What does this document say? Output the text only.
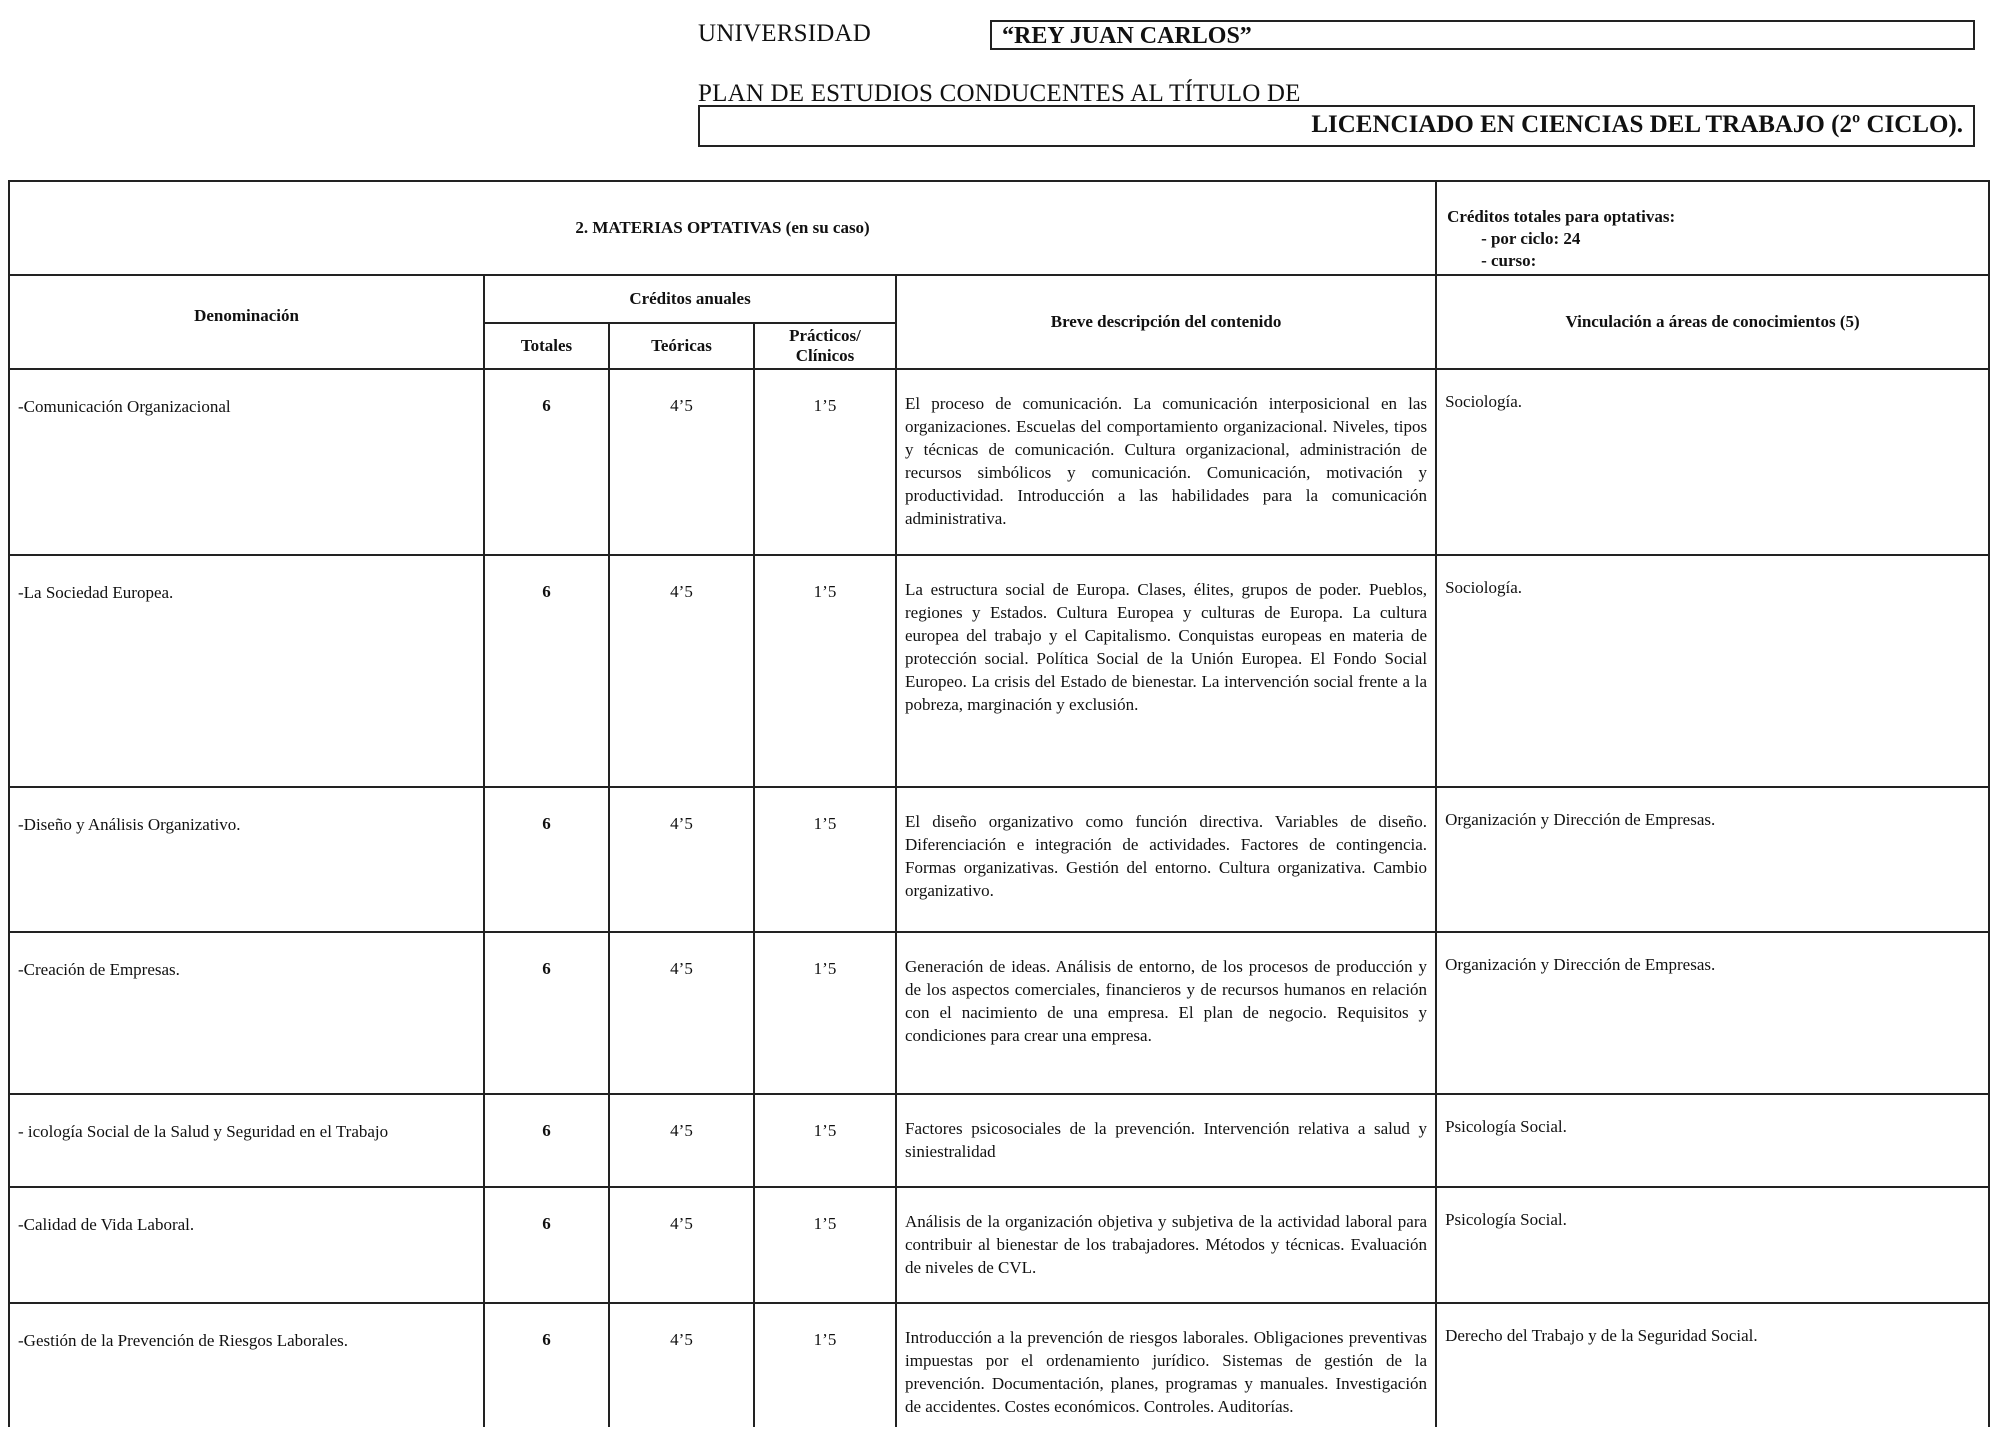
UNIVERSIDAD	“REY JUAN CARLOS”
PLAN DE ESTUDIOS CONDUCENTES AL TÍTULO DE
LICENCIADO EN CIENCIAS DEL TRABAJO (2º CICLO).
2. MATERIAS OPTATIVAS (en su caso)					Créditos totales para optativas:
- por ciclo: 24
- curso:

Denominación	Créditos anuales			Breve descripción del contenido	Vinculación a áreas de conocimientos (5)
	Totales	Teóricas	Prácticos/ Clínicos		
-Comunicación Organizacional	6	4’5	1’5	El proceso de comunicación. La comunicación interposicional en las organizaciones. Escuelas del comportamiento organizacional. Niveles, tipos y técnicas de comunicación. Cultura organizacional, administración de recursos simbólicos y comunicación. Comunicación, motivación y productividad. Introducción a las habilidades para la comunicación administrativa.	Sociología.
-La Sociedad Europea.	6	4’5	1’5	La estructura social de Europa. Clases, élites, grupos de poder. Pueblos, regiones y Estados. Cultura Europea y culturas de Europa. La cultura europea del trabajo y el Capitalismo. Conquistas europeas en materia de protección social. Política Social de la Unión Europea. El Fondo Social Europeo. La crisis del Estado de bienestar. La intervención social frente a la pobreza, marginación y exclusión.	Sociología.
-Diseño y Análisis Organizativo.	6	4’5	1’5	El diseño organizativo como función directiva. Variables de diseño. Diferenciación e integración de actividades. Factores de contingencia. Formas organizativas. Gestión del entorno. Cultura organizativa. Cambio organizativo.	Organización y Dirección de Empresas.
-Creación de Empresas.	6	4’5	1’5	Generación de ideas. Análisis de entorno, de los procesos de producción y de los aspectos comerciales, financieros y de recursos humanos en relación con el nacimiento de una empresa. El plan de negocio. Requisitos y condiciones para crear una empresa.	Organización y Dirección de Empresas.
- icología Social de la Salud y Seguridad en el Trabajo	6	4’5	1’5	Factores psicosociales de la prevención. Intervención relativa a salud y siniestralidad	Psicología Social.
-Calidad de Vida Laboral.	6	4’5	1’5	Análisis de la organización objetiva y subjetiva de la actividad laboral para contribuir al bienestar de los trabajadores. Métodos y técnicas. Evaluación de niveles de CVL.	Psicología Social.
-Gestión de la Prevención de Riesgos Laborales.	6	4’5	1’5	Introducción a la prevención de riesgos laborales. Obligaciones preventivas impuestas por el ordenamiento jurídico. Sistemas de gestión de la prevención. Documentación, planes, programas y manuales. Investigación de accidentes. Costes económicos. Controles. Auditorías.	Derecho del Trabajo y de la Seguridad Social.
